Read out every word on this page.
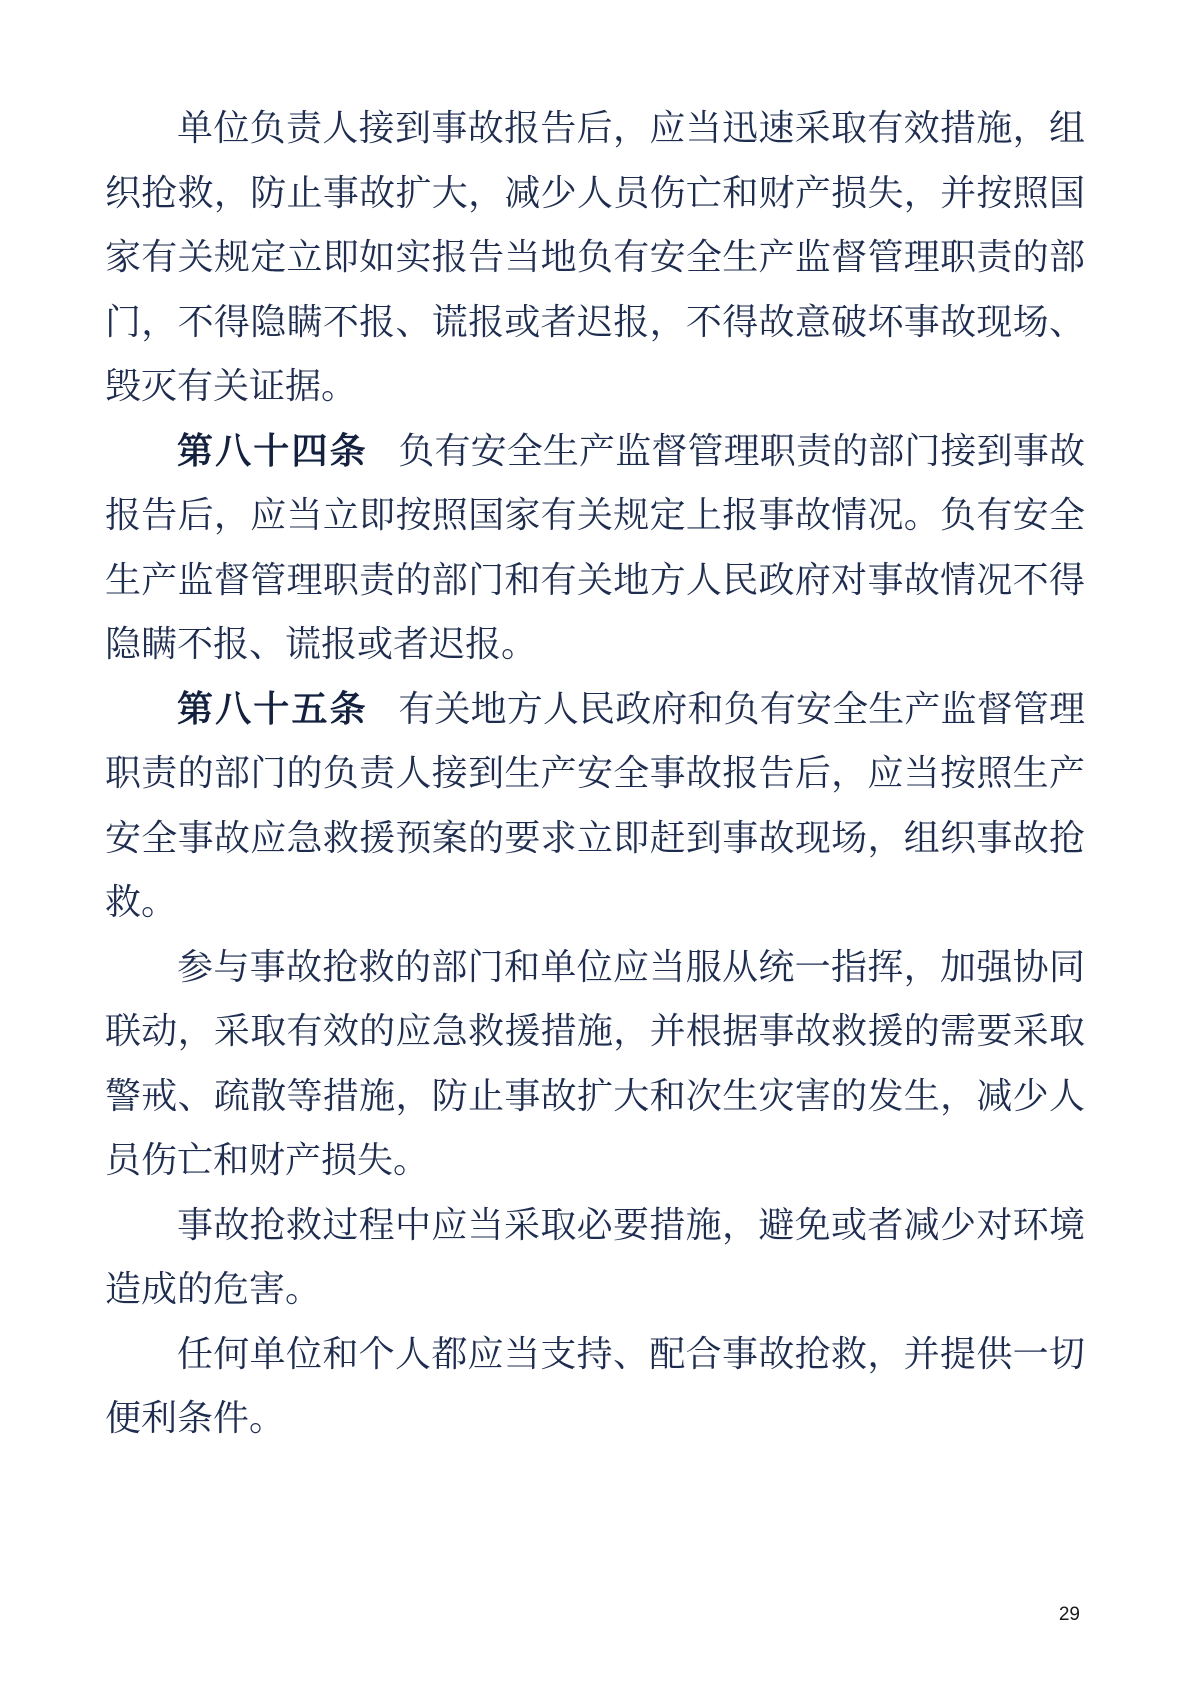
单位负责人接到事故报告后，应当迅速采取有效措施，组织抢救，防止事故扩大，减少人员伤亡和财产损失，并按照国家有关规定立即如实报告当地负有安全生产监督管理职责的部门，不得隐瞒不报、谎报或者迟报，不得故意破坏事故现场、毁灭有关证据。

第八十四条 负有安全生产监督管理职责的部门接到事故报告后，应当立即按照国家有关规定上报事故情况。负有安全生产监督管理职责的部门和有关地方人民政府对事故情况不得隐瞒不报、谎报或者迟报。

第八十五条 有关地方人民政府和负有安全生产监督管理职责的部门的负责人接到生产安全事故报告后，应当按照生产安全事故应急救援预案的要求立即赶到事故现场，组织事故抢救。

参与事故抢救的部门和单位应当服从统一指挥，加强协同联动，采取有效的应急救援措施，并根据事故救援的需要采取警戒、疏散等措施，防止事故扩大和次生灾害的发生，减少人员伤亡和财产损失。

事故抢救过程中应当采取必要措施，避免或者减少对环境造成的危害。

任何单位和个人都应当支持、配合事故抢救，并提供一切便利条件。

29
